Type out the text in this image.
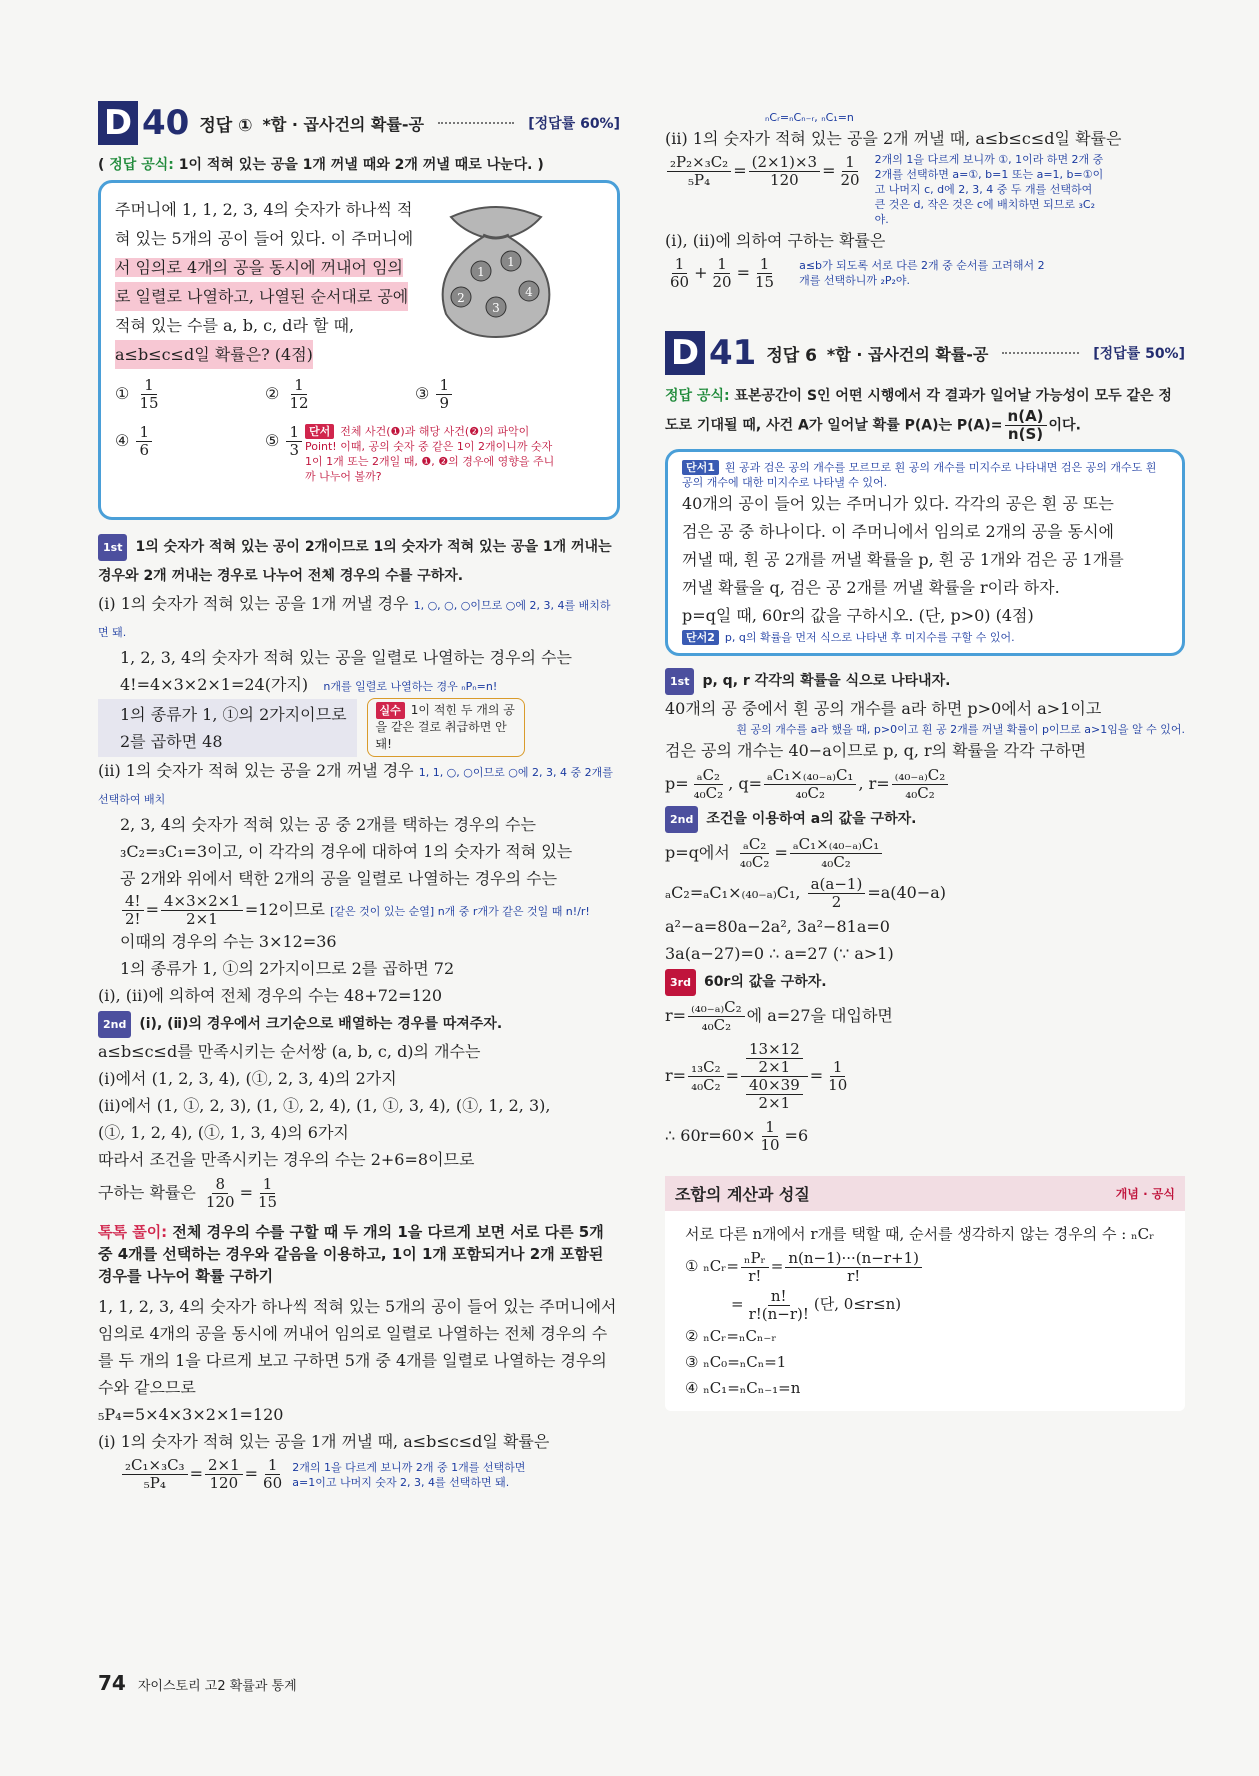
D 40 정답 ① *합 · 곱사건의 확률-공	[정답률 60%]
( 정답 공식: 1이 적혀 있는 공을 1개 꺼낼 때와 2개 꺼낼 때로 나눈다. )
주머니에 1, 1, 2, 3, 4의 숫자가 하나씩 적
혀 있는 5개의 공이 들어 있다. 이 주머니에
서 임의로 4개의 공을 동시에 꺼내어 임의 로 일렬로 나열하고, 나열된 순서대로 공에
적혀 있는 수를 a, b, c, d라 할 때,
a≤b≤c≤d일 확률은? (4점)
1
1
2
3
4
① $\frac{1}{15}$	② $\frac{1}{12}$	③ $\frac{1}{9}$
④ $\frac{1}{6}$	⑤ $\frac{1}{3}$ 단서 전체 사건(❶)과 해당 사건(❷)의 파악이 Point! 이때, 공의 숫자 중 같은 1이 2개이니까 숫자 1이 1개 또는 2개일 때, ❶, ❷의 경우에 영향을 주니까 나누어 볼까?

1st 1의 숫자가 적혀 있는 공이 2개이므로 1의 숫자가 적혀 있는 공을 1개 꺼내는 경우와 2개 꺼내는 경우로 나누어 전체 경우의 수를 구하자.

(ⅰ) 1의 숫자가 적혀 있는 공을 1개 꺼낼 경우 1, ○, ○, ○이므로 ○에 2, 3, 4를 배치하면 돼.

1, 2, 3, 4의 숫자가 적혀 있는 공을 일렬로 나열하는 경우의 수는

4!=4×3×2×1=24(가지) n개를 일렬로 나열하는 경우 ₙPₙ=n!

1의 종류가 1, ①의 2가지이므로
2를 곱하면 48
실수 1이 적힌 두 개의 공을 같은 걸로 취급하면 안 돼!

(ⅱ) 1의 숫자가 적혀 있는 공을 2개 꺼낼 경우 1, 1, ○, ○이므로 ○에 2, 3, 4 중 2개를 선택하여 배치

2, 3, 4의 숫자가 적혀 있는 공 중 2개를 택하는 경우의 수는

₃C₂=₃C₁=3이고, 이 각각의 경우에 대하여 1의 숫자가 적혀 있는

공 2개와 위에서 택한 2개의 공을 일렬로 나열하는 경우의 수는

$\frac{4!}{2!} = \frac{4\times 3\times 2\times 1}{2\times 1} =12$이므로 [같은 것이 있는 순열] n개 중 r개가 같은 것일 때 n!/r!

이때의 경우의 수는 3×12=36

1의 종류가 1, ①의 2가지이므로 2를 곱하면 72

(ⅰ), (ⅱ)에 의하여 전체 경우의 수는 48+72=120

2nd (ⅰ), (ⅱ)의 경우에서 크기순으로 배열하는 경우를 따져주자.

a≤b≤c≤d를 만족시키는 순서쌍 (a, b, c, d)의 개수는

(ⅰ)에서 (1, 2, 3, 4), (①, 2, 3, 4)의 2가지

(ⅱ)에서 (1, ①, 2, 3), (1, ①, 2, 4), (1, ①, 3, 4), (①, 1, 2, 3),

(①, 1, 2, 4), (①, 1, 3, 4)의 6가지

따라서 조건을 만족시키는 경우의 수는 2+6=8이므로

구하는 확률은 $\frac{8}{120} = \frac{1}{15}$

톡톡 풀이: 전체 경우의 수를 구할 때 두 개의 1을 다르게 보면 서로 다른 5개 중 4개를 선택하는 경우와 같음을 이용하고, 1이 1개 포함되거나 2개 포함된 경우를 나누어 확률 구하기

1, 1, 2, 3, 4의 숫자가 하나씩 적혀 있는 5개의 공이 들어 있는 주머니에서 임의로 4개의 공을 동시에 꺼내어 임의로 일렬로 나열하는 전체 경우의 수를 두 개의 1을 다르게 보고 구하면 5개 중 4개를 일렬로 나열하는 경우의 수와 같으므로

₅P₄=5×4×3×2×1=120

(ⅰ) 1의 숫자가 적혀 있는 공을 1개 꺼낼 때, a≤b≤c≤d일 확률은

$\frac{\text{₂C₁×₃C₃}}{\text{₅P₄}} = \frac{2\times 1}{120} = \frac{1}{60} 2$개의 1을 다르게 보니까 2개 중 1개를 선택하면 a=1이고 나머지 숫자 2, 3, 4를 선택하면 돼.

ₙCᵣ=ₙCₙ₋ᵣ, ₙC₁=n

(ⅱ) 1의 숫자가 적혀 있는 공을 2개 꺼낼 때, a≤b≤c≤d일 확률은

$\frac{\text{₂P₂×₃C₂}}{\text{₅P₄}} = \frac{(2\times 1)\times 3}{120} = \frac{1}{20} 2$개의 1을 다르게 보니까 ①, 1이라 하면 2개 중 2개를 선택하면 a=①, b=1 또는 a=1, b=①이고 나머지 c, d에 2, 3, 4 중 두 개를 선택하여 큰 것은 d, 작은 것은 c에 배치하면 되므로 ₃C₂야.

(ⅰ), (ⅱ)에 의하여 구하는 확률은

$\frac{1}{60} + \frac{1}{20} = \frac{1}{15} a\le b$가 되도록 서로 다른 2개 중 순서를 고려해서 2개를 선택하니까 ₂P₂야.
D 41 정답 6 *합 · 곱사건의 확률-공	[정답률 50%]
정답 공식: 표본공간이 S인 어떤 시행에서 각 결과가 일어날 가능성이 모두 같은 정도로 기대될 때, 사건 A가 일어날 확률 P(A)는 $P(A)= \frac{n(A)}{n(S)}$ 이다.
단서1 흰 공과 검은 공의 개수를 모르므로 흰 공의 개수를 미지수로 나타내면 검은 공의 개수도 흰 공의 개수에 대한 미지수로 나타낼 수 있어.
40개의 공이 들어 있는 주머니가 있다. 각각의 공은 흰 공 또는
검은 공 중 하나이다. 이 주머니에서 임의로 2개의 공을 동시에
꺼낼 때, 흰 공 2개를 꺼낼 확률을 p, 흰 공 1개와 검은 공 1개를
꺼낼 확률을 q, 검은 공 2개를 꺼낼 확률을 r이라 하자.
p=q일 때, 60r의 값을 구하시오. (단, p>0) (4점)
단서2 p, q의 확률을 먼저 식으로 나타낸 후 미지수를 구할 수 있어.

1st p, q, r 각각의 확률을 식으로 나타내자.

40개의 공 중에서 흰 공의 개수를 a라 하면 p>0에서 a>1이고

흰 공의 개수를 a라 했을 때, p>0이고 흰 공 2개를 꺼낼 확률이 p이므로 a>1임을 알 수 있어.

검은 공의 개수는 40−a이므로 p, q, r의 확률을 각각 구하면

$p= \frac{\text{ₐC₂}}{\text{₄₀C₂}}$ , $q= \frac{\text{ₐC₁×₍₄₀₋ₐ₎C₁}}{\text{₄₀C₂}}$ , $r= \frac{\text{₍₄₀₋ₐ₎C₂}}{\text{₄₀C₂}}$

2nd 조건을 이용하여 a의 값을 구하자.

p=q에서 $\frac{\text{ₐC₂}}{\text{₄₀C₂}} = \frac{\text{ₐC₁×₍₄₀₋ₐ₎C₁}}{\text{₄₀C₂}}$

ₐC₂=ₐC₁×₍₄₀₋ₐ₎C₁, $\frac{a(a-1)}{2} =a(40-a)$

a²−a=80a−2a², 3a²−81a=0

3a(a−27)=0 ∴ a=27 (∵ a>1)

3rd 60r의 값을 구하자.

$r= \frac{\text{₍₄₀₋ₐ₎C₂}}{\text{₄₀C₂}}$ 에 a=27을 대입하면

$r= \frac{\text{₁₃C₂}}{\text{₄₀C₂}} = \frac{\frac{13\times 12}{2\times 1}}{\frac{40\times 39}{2\times 1}} = \frac{1}{10}$

∴ $60r=60\times \frac{1}{10} =6$

조합의 계산과 성질	개념 · 공식
서로 다른 n개에서 r개를 택할 때, 순서를 생각하지 않는 경우의 수 : ₙCᵣ
① ₙCᵣ= $\frac{\text{ₙPᵣ}}{r!} = \frac{n(n-1)\cdot\cdot\cdot(n-r+1)}{r!}$
= $\frac{n!}{r!(n-r)!}$ (단, 0≤r≤n)
② ₙCᵣ=ₙCₙ₋ᵣ
③ ₙC₀=ₙCₙ=1
④ ₙC₁=ₙCₙ₋₁=n
74 자이스토리 고2 확률과 통계
